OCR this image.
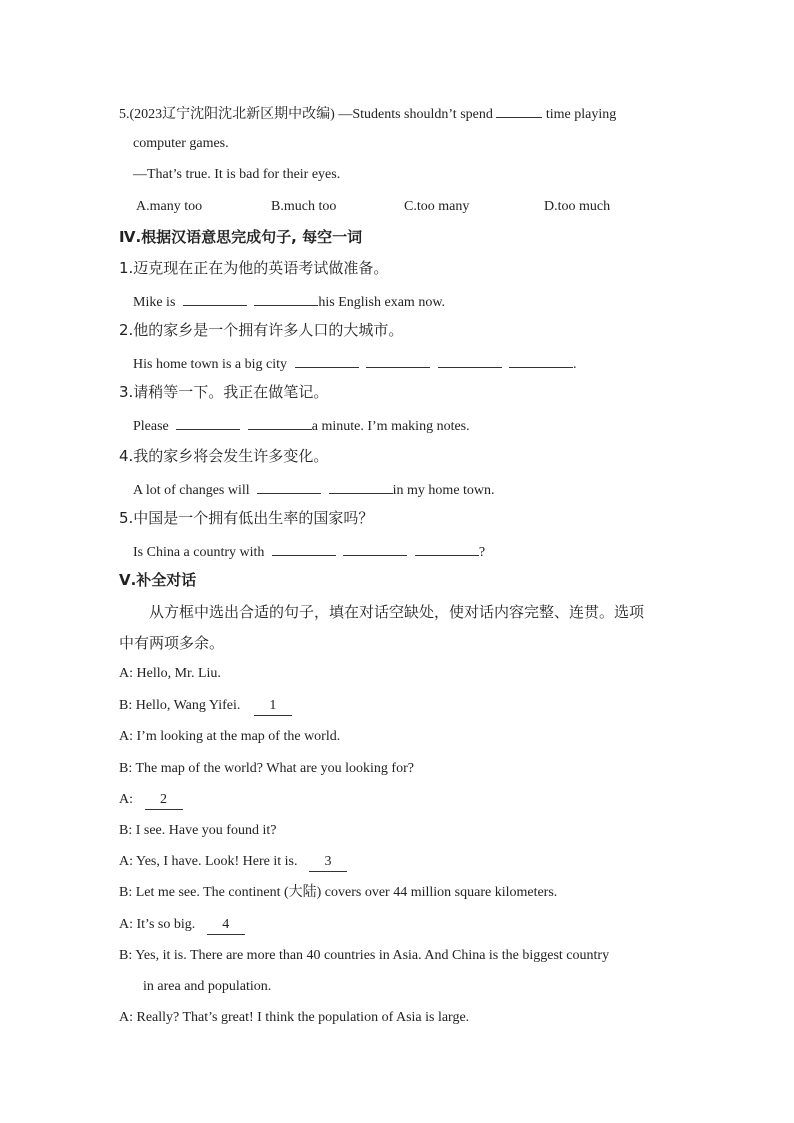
5.(2023辽宁沈阳沈北新区期中改编) —Students shouldn’t spend	time playing
computer games.
—That’s true. It is bad for their eyes.
A.many too	B.much too	C.too many	D.too much
Ⅳ.根据汉语意思完成句子, 每空一词
1.迈克现在正在为他的英语考试做准备。
Mike is	his English exam now.
2.他的家乡是一个拥有许多人口的大城市。
His home town is a big city	.
3.请稍等一下。我正在做笔记。
Please	a minute. I’m making notes.
4.我的家乡将会发生许多变化。
A lot of changes will	in my home town.
5.中国是一个拥有低出生率的国家吗？
Is China a country with	?
Ⅴ.补全对话
从方框中选出合适的句子，填在对话空缺处，使对话内容完整、连贯。选项
中有两项多余。
A: Hello, Mr. Liu.
B: Hello, Wang Yifei. 1
A: I’m looking at the map of the world.
B: The map of the world? What are you looking for?
A: 2
B: I see. Have you found it?
A: Yes, I have. Look! Here it is. 3
B: Let me see. The continent (大陆) covers over 44 million square kilometers.
A: It’s so big. 4
B: Yes, it is. There are more than 40 countries in Asia. And China is the biggest country
in area and population.
A: Really? That’s great! I think the population of Asia is large.
